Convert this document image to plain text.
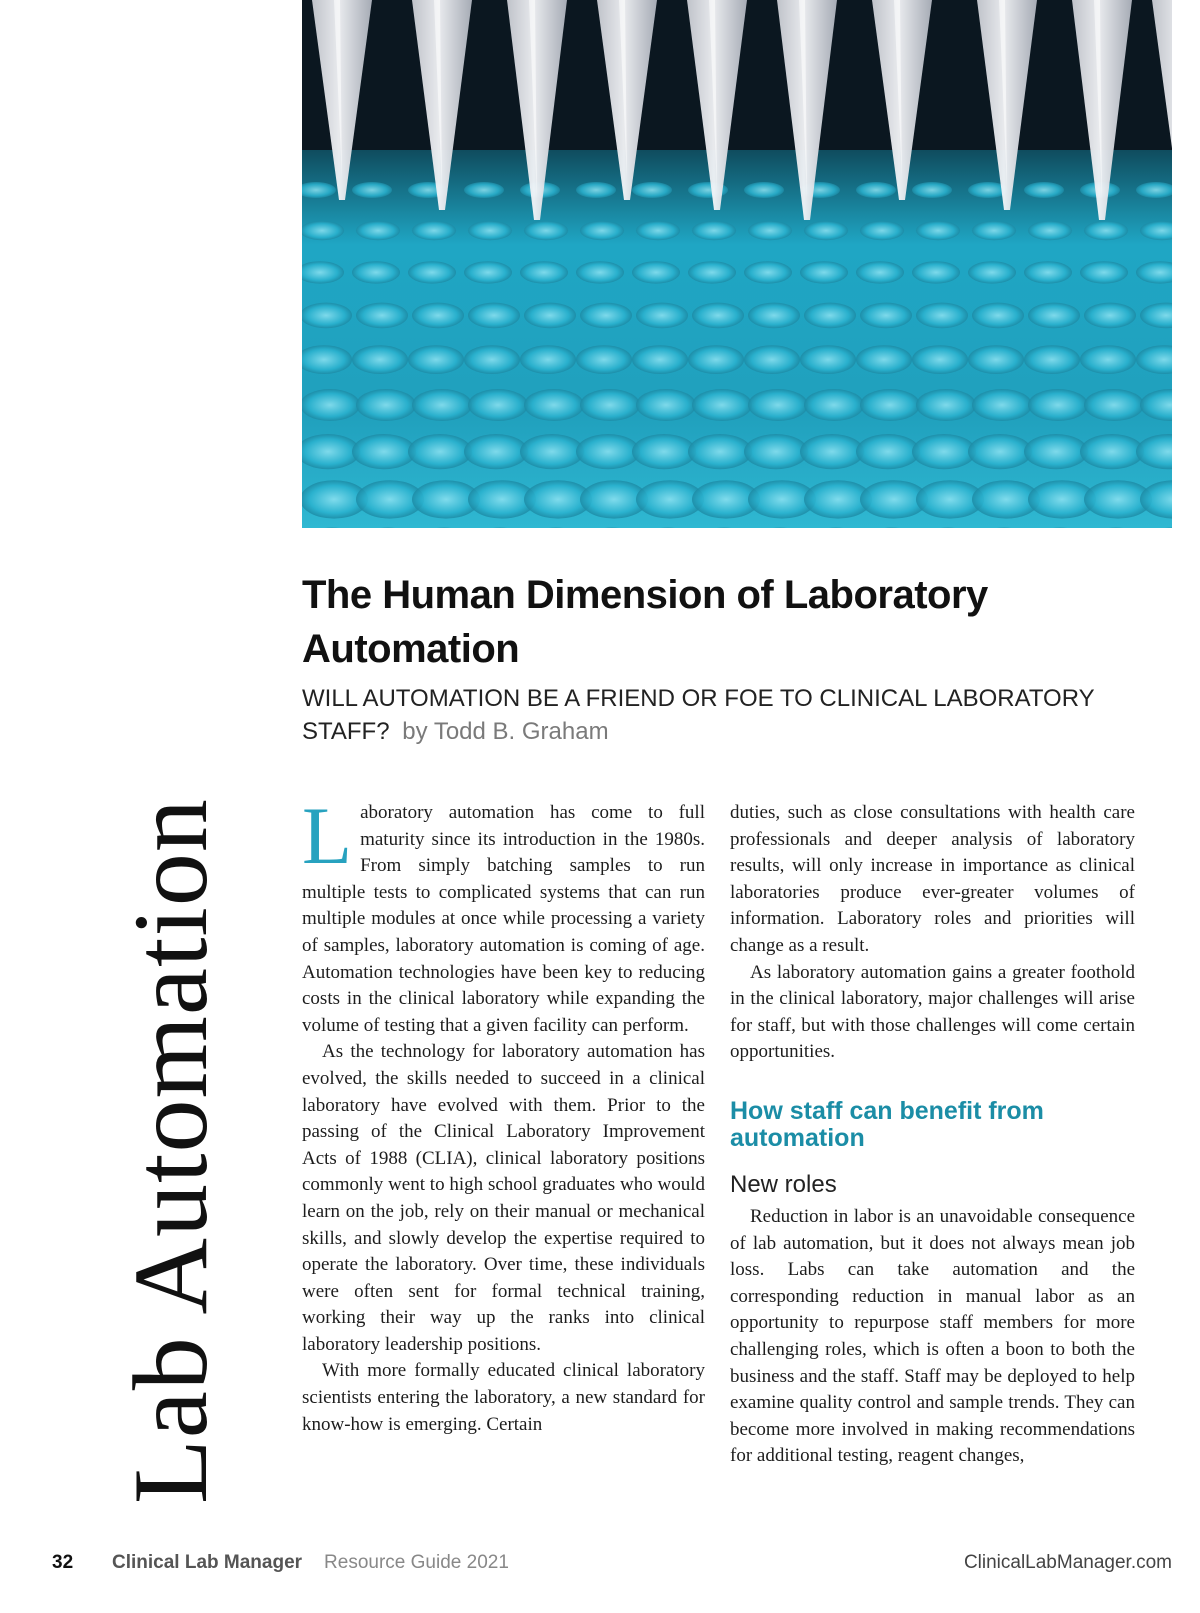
Lab Automation
The Human Dimension of Laboratory Automation

WILL AUTOMATION BE A FRIEND OR FOE TO CLINICAL LABORATORY STAFF? by Todd B. Graham

Laboratory automation has come to full maturity since its introduction in the 1980s. From simply batching samples to run multiple tests to complicated systems that can run multiple modules at once while processing a variety of samples, laboratory automation is coming of age. Automation technologies have been key to reducing costs in the clinical laboratory while expanding the volume of testing that a given facility can perform.

As the technology for laboratory automation has evolved, the skills needed to succeed in a clinical laboratory have evolved with them. Prior to the passing of the Clinical Laboratory Improvement Acts of 1988 (CLIA), clinical laboratory positions commonly went to high school graduates who would learn on the job, rely on their manual or mechanical skills, and slowly develop the expertise required to operate the laboratory. Over time, these individuals were often sent for formal technical training, working their way up the ranks into clinical laboratory leadership positions.

With more formally educated clinical laboratory scientists entering the laboratory, a new standard for know-how is emerging. Certain

duties, such as close consultations with health care professionals and deeper analysis of laboratory results, will only increase in importance as clinical laboratories produce ever-greater volumes of information. Laboratory roles and priorities will change as a result.

As laboratory automation gains a greater foothold in the clinical laboratory, major challenges will arise for staff, but with those challenges will come certain opportunities.

How staff can benefit from automation
New roles

Reduction in labor is an unavoidable consequence of lab automation, but it does not always mean job loss. Labs can take automation and the corresponding reduction in manual labor as an opportunity to repurpose staff members for more challenging roles, which is often a boon to both the business and the staff. Staff may be deployed to help examine quality control and sample trends. They can become more involved in making recommendations for additional testing, reagent changes,

32	Clinical Lab Manager Resource Guide 2021	ClinicalLabManager.com
